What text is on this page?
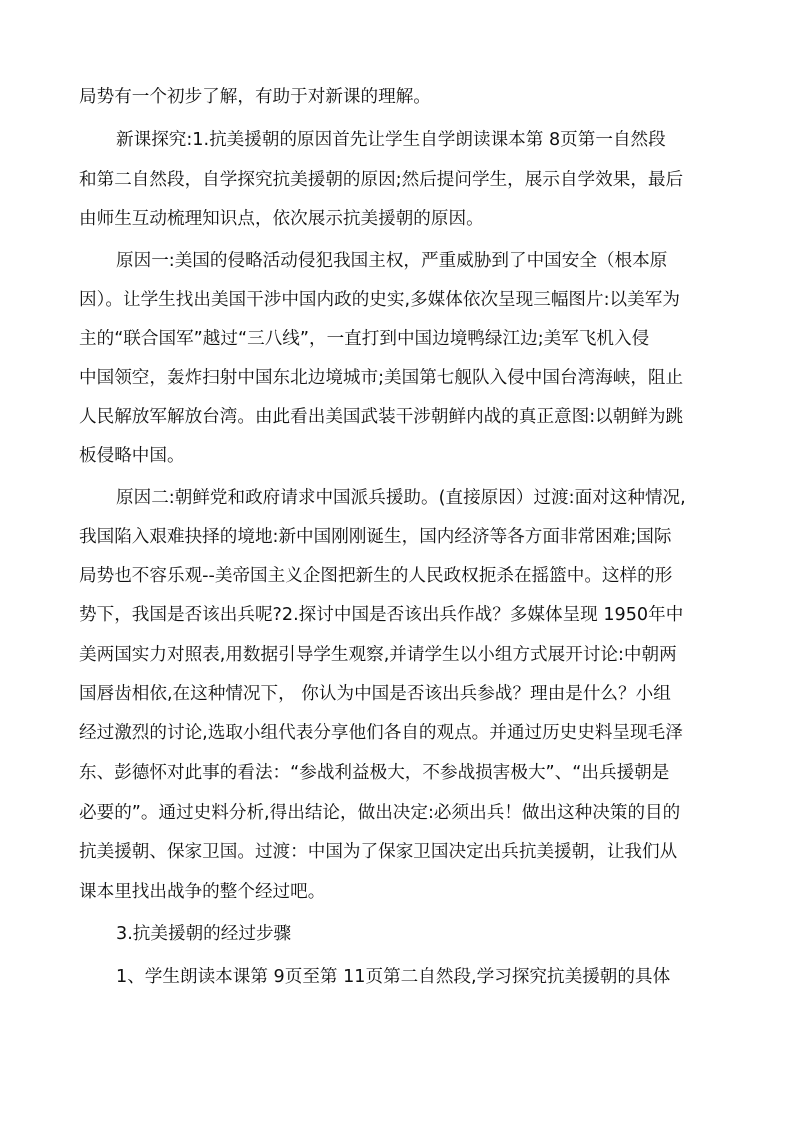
局势有一个初步了解，有助于对新课的理解。
新课探究:1.抗美援朝的原因首先让学生自学朗读课本第 8页第一自然段
和第二自然段，自学探究抗美援朝的原因;然后提问学生，展示自学效果，最后
由师生互动梳理知识点，依次展示抗美援朝的原因。
原因一:美国的侵略活动侵犯我国主权，严重威胁到了中国安全（根本原
因）。让学生找出美国干涉中国内政的史实,多媒体依次呈现三幅图片:以美军为
主的“联合国军”越过“三八线”，一直打到中国边境鸭绿江边;美军飞机入侵
中国领空，轰炸扫射中国东北边境城市;美国第七舰队入侵中国台湾海峡，阻止
人民解放军解放台湾。由此看出美国武装干涉朝鲜内战的真正意图:以朝鲜为跳
板侵略中国。
原因二:朝鲜党和政府请求中国派兵援助。(直接原因）过渡:面对这种情况,
我国陷入艰难抉择的境地:新中国刚刚诞生，国内经济等各方面非常困难;国际
局势也不容乐观--美帝国主义企图把新生的人民政权扼杀在摇篮中。这样的形
势下，我国是否该出兵呢?2.探讨中国是否该出兵作战？多媒体呈现 1950年中
美两国实力对照表,用数据引导学生观察,并请学生以小组方式展开讨论:中朝两
国唇齿相依,在这种情况下， 你认为中国是否该出兵参战？理由是什么？小组
经过激烈的讨论,选取小组代表分享他们各自的观点。并通过历史史料呈现毛泽
东、彭德怀对此事的看法：“参战利益极大，不参战损害极大”、“出兵援朝是
必要的”。通过史料分析,得出结论，做出决定:必须出兵！做出这种决策的目的
抗美援朝、保家卫国。过渡：中国为了保家卫国决定出兵抗美援朝，让我们从
课本里找出战争的整个经过吧。
3.抗美援朝的经过步骤
1、学生朗读本课第 9页至第 11页第二自然段,学习探究抗美援朝的具体
